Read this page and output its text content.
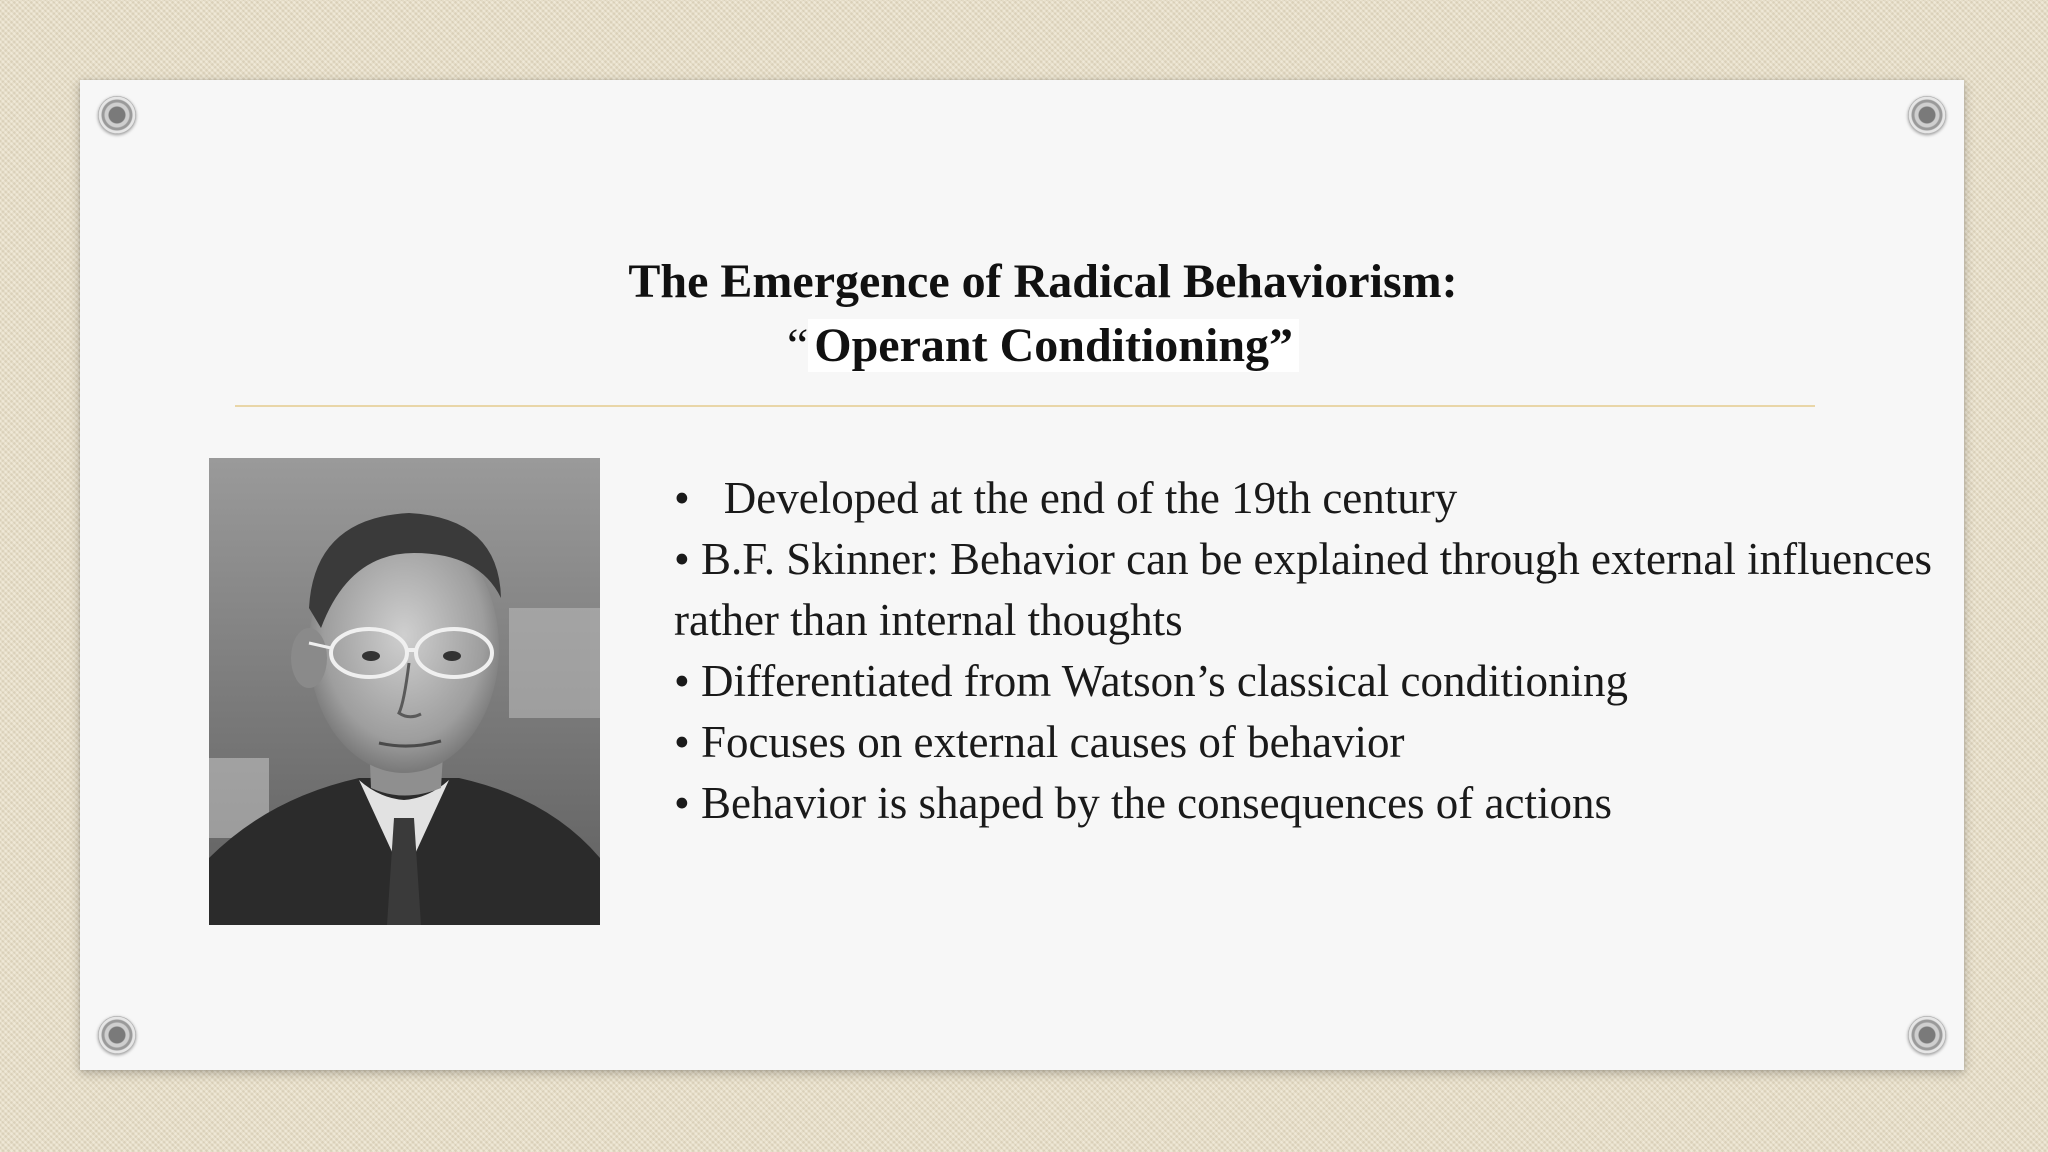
The Emergence of Radical Behaviorism:
“ Operant Conditioning”
• Developed at the end of the 19th century
• B.F. Skinner: Behavior can be explained through external influences rather than internal thoughts
• Differentiated from Watson’s classical conditioning
• Focuses on external causes of behavior
• Behavior is shaped by the consequences of actions
